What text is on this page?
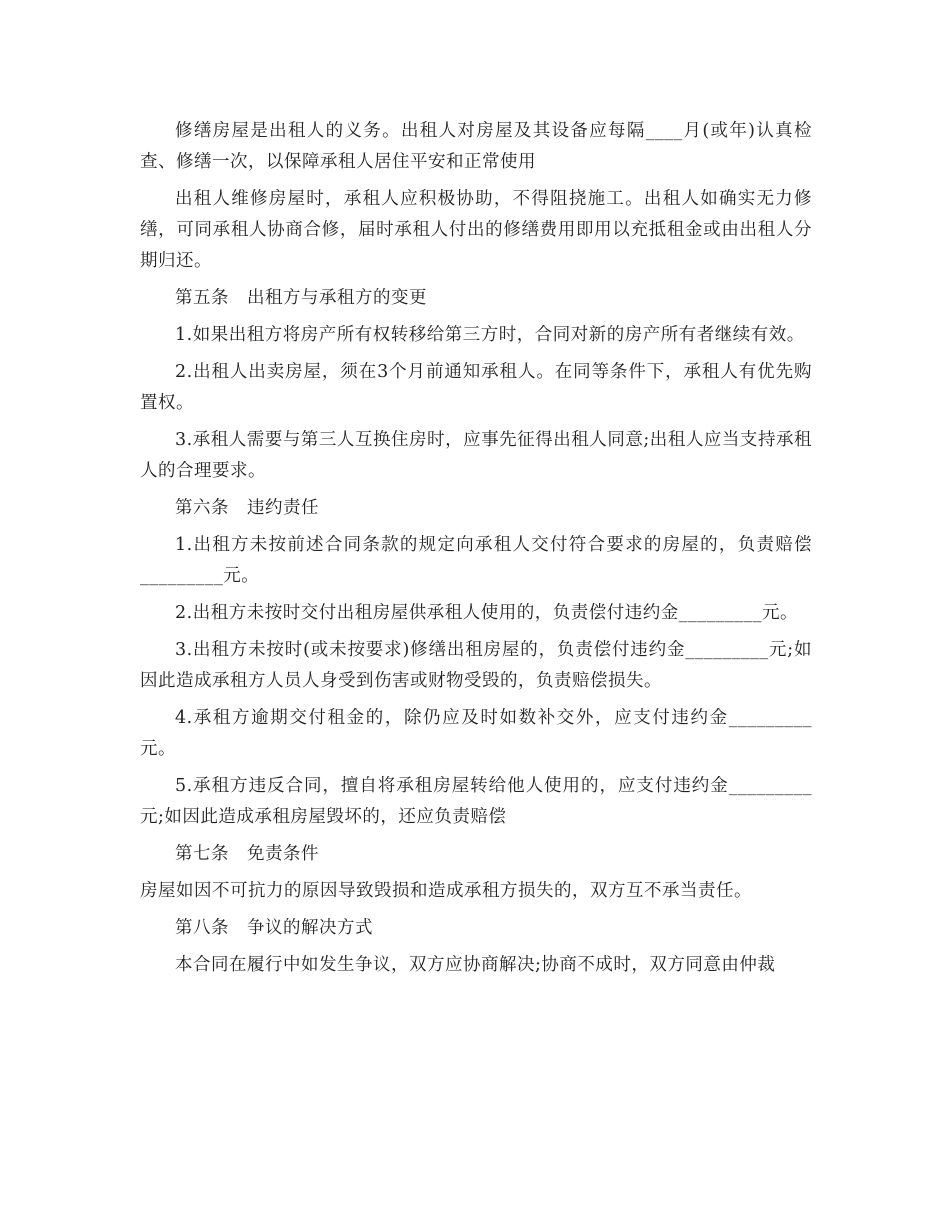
修缮房屋是出租人的义务。出租人对房屋及其设备应每隔____月(或年)认真检查、修缮一次，以保障承租人居住平安和正常使用

出租人维修房屋时，承租人应积极协助，不得阻挠施工。出租人如确实无力修缮，可同承租人协商合修，届时承租人付出的修缮费用即用以充抵租金或由出租人分期归还。

第五条　出租方与承租方的变更

1.如果出租方将房产所有权转移给第三方时，合同对新的房产所有者继续有效。

2.出租人出卖房屋，须在3个月前通知承租人。在同等条件下，承租人有优先购置权。

3.承租人需要与第三人互换住房时，应事先征得出租人同意;出租人应当支持承租人的合理要求。

第六条　违约责任

1.出租方未按前述合同条款的规定向承租人交付符合要求的房屋的，负责赔偿_________元。

2.出租方未按时交付出租房屋供承租人使用的，负责偿付违约金_________元。

3.出租方未按时(或未按要求)修缮出租房屋的，负责偿付违约金_________元;如因此造成承租方人员人身受到伤害或财物受毁的，负责赔偿损失。

4.承租方逾期交付租金的，除仍应及时如数补交外，应支付违约金_________元。

5.承租方违反合同，擅自将承租房屋转给他人使用的，应支付违约金_________元;如因此造成承租房屋毁坏的，还应负责赔偿

第七条　免责条件

房屋如因不可抗力的原因导致毁损和造成承租方损失的，双方互不承当责任。

第八条　争议的解决方式

本合同在履行中如发生争议，双方应协商解决;协商不成时，双方同意由仲裁
